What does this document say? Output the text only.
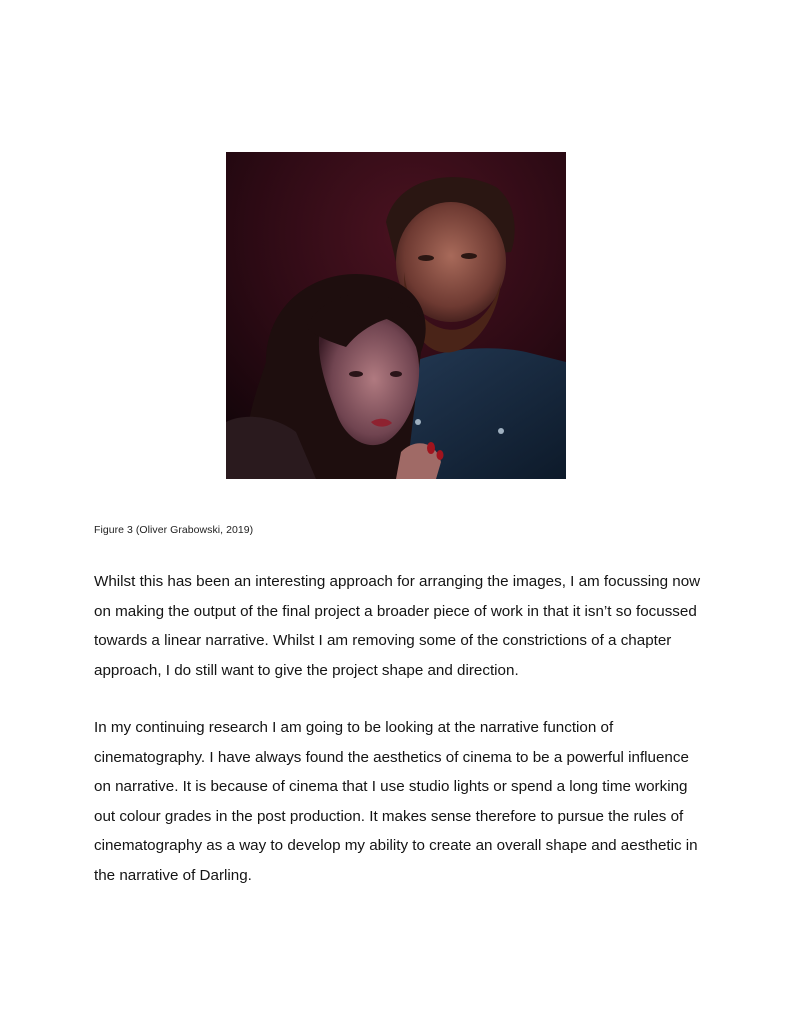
Figure 3 (Oliver Grabowski, 2019)

Whilst this has been an interesting approach for arranging the images, I am focussing now
on making the output of the final project a broader piece of work in that it isn’t so focussed
towards a linear narrative. Whilst I am removing some of the constrictions of a chapter
approach, I do still want to give the project shape and direction.

In my continuing research I am going to be looking at the narrative function of
cinematography. I have always found the aesthetics of cinema to be a powerful influence
on narrative. It is because of cinema that I use studio lights or spend a long time working
out colour grades in the post production. It makes sense therefore to pursue the rules of
cinematography as a way to develop my ability to create an overall shape and aesthetic in
the narrative of Darling.
